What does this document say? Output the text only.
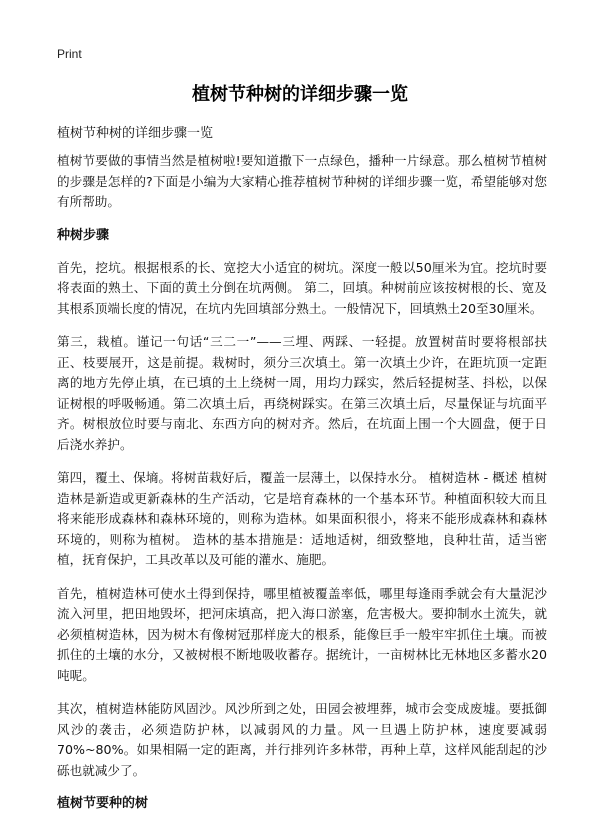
Print
植树节种树的详细步骤一览
植树节种树的详细步骤一览

植树节要做的事情当然是植树啦!要知道撒下一点绿色，播种一片绿意。那么植树节植树的步骤是怎样的?下面是小编为大家精心推荐植树节种树的详细步骤一览，希望能够对您有所帮助。

种树步骤

首先，挖坑。根据根系的长、宽挖大小适宜的树坑。深度一般以50厘米为宜。挖坑时要将表面的熟土、下面的黄土分倒在坑两侧。 第二，回填。种树前应该按树根的长、宽及其根系顶端长度的情况，在坑内先回填部分熟土。一般情况下，回填熟土20至30厘米。

第三，栽植。谨记一句话“三二一”——三埋、两踩、一轻提。放置树苗时要将根部扶正、枝要展开，这是前提。栽树时，须分三次填土。第一次填土少许，在距坑顶一定距离的地方先停止填，在已填的土上绕树一周，用均力踩实，然后轻提树茎、抖松，以保证树根的呼吸畅通。第二次填土后，再绕树踩实。在第三次填土后，尽量保证与坑面平齐。树根放位时要与南北、东西方向的树对齐。然后，在坑面上围一个大圆盘，便于日后浇水养护。

第四，覆土、保墒。将树苗栽好后，覆盖一层薄土，以保持水分。 植树造林 - 概述 植树造林是新造或更新森林的生产活动，它是培育森林的一个基本环节。种植面积较大而且将来能形成森林和森林环境的，则称为造林。如果面积很小，将来不能形成森林和森林环境的，则称为植树。 造林的基本措施是：适地适树，细致整地，良种壮苗，适当密植，抚育保护，工具改革以及可能的灌水、施肥。

首先，植树造林可使水土得到保持，哪里植被覆盖率低，哪里每逢雨季就会有大量泥沙流入河里，把田地毁坏，把河床填高，把入海口淤塞，危害极大。要抑制水土流失，就必须植树造林，因为树木有像树冠那样庞大的根系，能像巨手一般牢牢抓住土壤。而被抓住的土壤的水分，又被树根不断地吸收蓄存。据统计，一亩树林比无林地区多蓄水20吨呢。

其次，植树造林能防风固沙。风沙所到之处，田园会被埋葬，城市会变成废墟。要抵御风沙的袭击，必须造防护林，以减弱风的力量。风一旦遇上防护林，速度要减弱70%~80%。如果相隔一定的距离，并行排列许多林带，再种上草，这样风能刮起的沙砾也就减少了。

植树节要种的树
